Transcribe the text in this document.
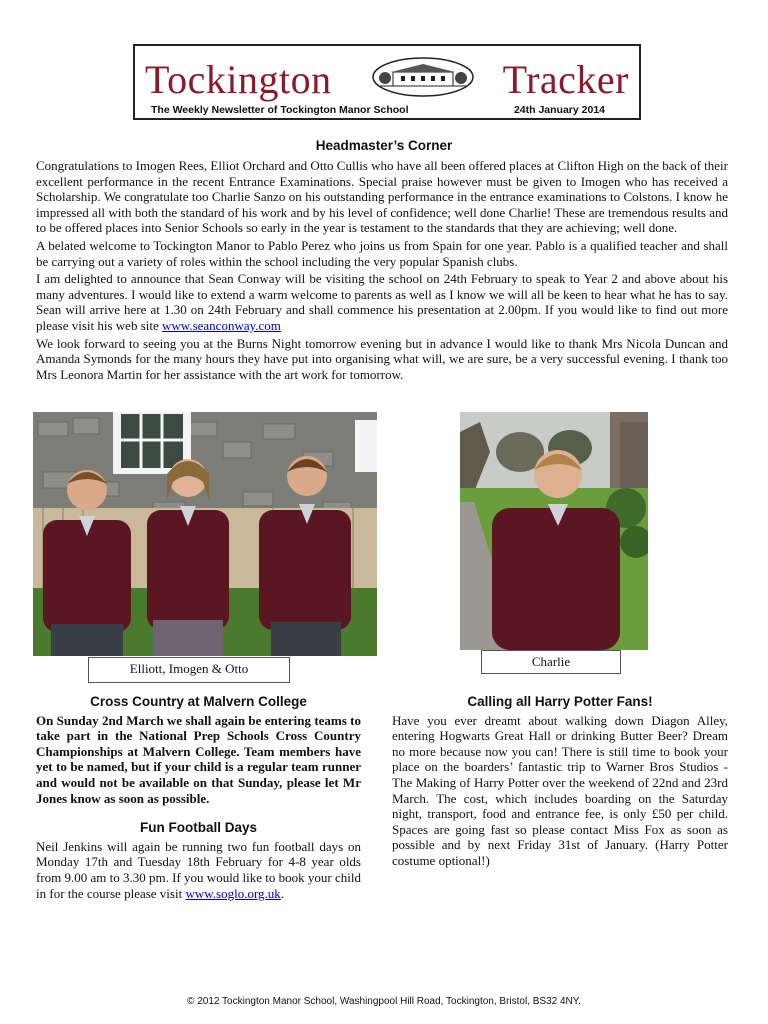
Tockington	Tracker
The Weekly Newsletter of Tockington Manor School	24th January 2014
Headmaster’s Corner

Congratulations to Imogen Rees, Elliot Orchard and Otto Cullis who have all been offered places at Clifton High on the back of their excellent performance in the recent Entrance Examinations. Special praise however must be given to Imogen who has received a Scholarship. We congratulate too Charlie Sanzo on his outstanding performance in the entrance examinations to Colstons. I know he impressed all with both the standard of his work and by his level of confidence; well done Charlie! These are tremendous results and to be offered places into Senior Schools so early in the year is testament to the standards that they are achieving; well done.

A belated welcome to Tockington Manor to Pablo Perez who joins us from Spain for one year. Pablo is a qualified teacher and shall be carrying out a variety of roles within the school including the very popular Spanish clubs.

I am delighted to announce that Sean Conway will be visiting the school on 24th February to speak to Year 2 and above about his many adventures. I would like to extend a warm welcome to parents as well as I know we will all be keen to hear what he has to say. Sean will arrive here at 1.30 on 24th February and shall commence his presentation at 2.00pm. If you would like to find out more please visit his web site www.seanconway.com

We look forward to seeing you at the Burns Night tomorrow evening but in advance I would like to thank Mrs Nicola Duncan and Amanda Symonds for the many hours they have put into organising what will, we are sure, be a very successful evening. I thank too Mrs Leonora Martin for her assistance with the art work for tomorrow.

Elliott, Imogen & Otto	Charlie
Cross Country at Malvern College

On Sunday 2nd March we shall again be entering teams to take part in the National Prep Schools Cross Country Championships at Malvern College. Team members have yet to be named, but if your child is a regular team runner and would not be available on that Sunday, please let Mr Jones know as soon as possible.

Fun Football Days

Neil Jenkins will again be running two fun football days on Monday 17th and Tuesday 18th February for 4-8 year olds from 9.00 am to 3.30 pm. If you would like to book your child in for the course please visit www.soglo.org.uk.

Calling all Harry Potter Fans!

Have you ever dreamt about walking down Diagon Alley, entering Hogwarts Great Hall or drinking Butter Beer? Dream no more because now you can! There is still time to book your place on the boarders’ fantastic trip to Warner Bros Studios - The Making of Harry Potter over the weekend of 22nd and 23rd March. The cost, which includes boarding on the Saturday night, transport, food and entrance fee, is only £50 per child. Spaces are going fast so please contact Miss Fox as soon as possible and by next Friday 31st of January. (Harry Potter costume optional!)

© 2012 Tockington Manor School, Washingpool Hill Road, Tockington, Bristol, BS32 4NY.
